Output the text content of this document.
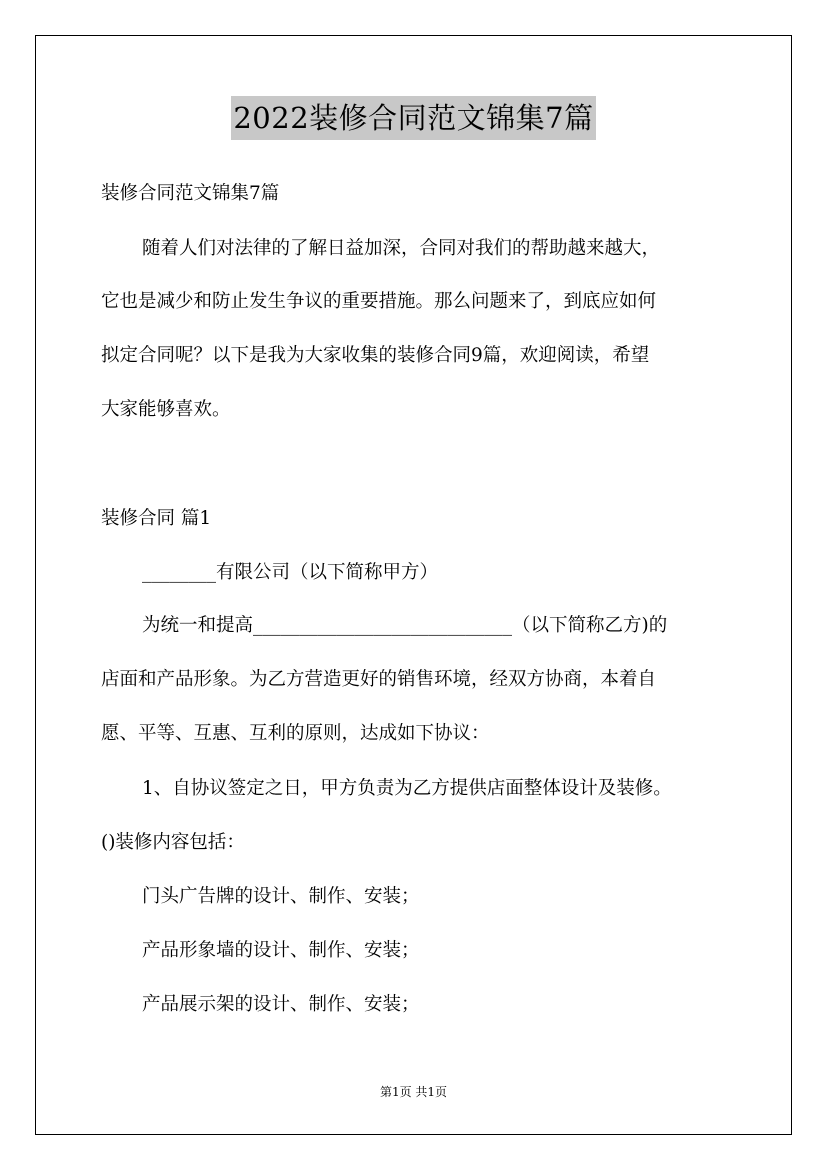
2022装修合同范文锦集7篇
装修合同范文锦集7篇
随着人们对法律的了解日益加深，合同对我们的帮助越来越大，
它也是减少和防止发生争议的重要措施。那么问题来了，到底应如何
拟定合同呢？以下是我为大家收集的装修合同9篇，欢迎阅读，希望
大家能够喜欢。
装修合同 篇1
________有限公司（以下简称甲方）
为统一和提高____________________________（以下简称乙方)的
店面和产品形象。为乙方营造更好的销售环境，经双方协商，本着自
愿、平等、互惠、互利的原则，达成如下协议：
1、自协议签定之日，甲方负责为乙方提供店面整体设计及装修。
()装修内容包括：
门头广告牌的设计、制作、安装；
产品形象墙的设计、制作、安装；
产品展示架的设计、制作、安装；
第1页 共1页
